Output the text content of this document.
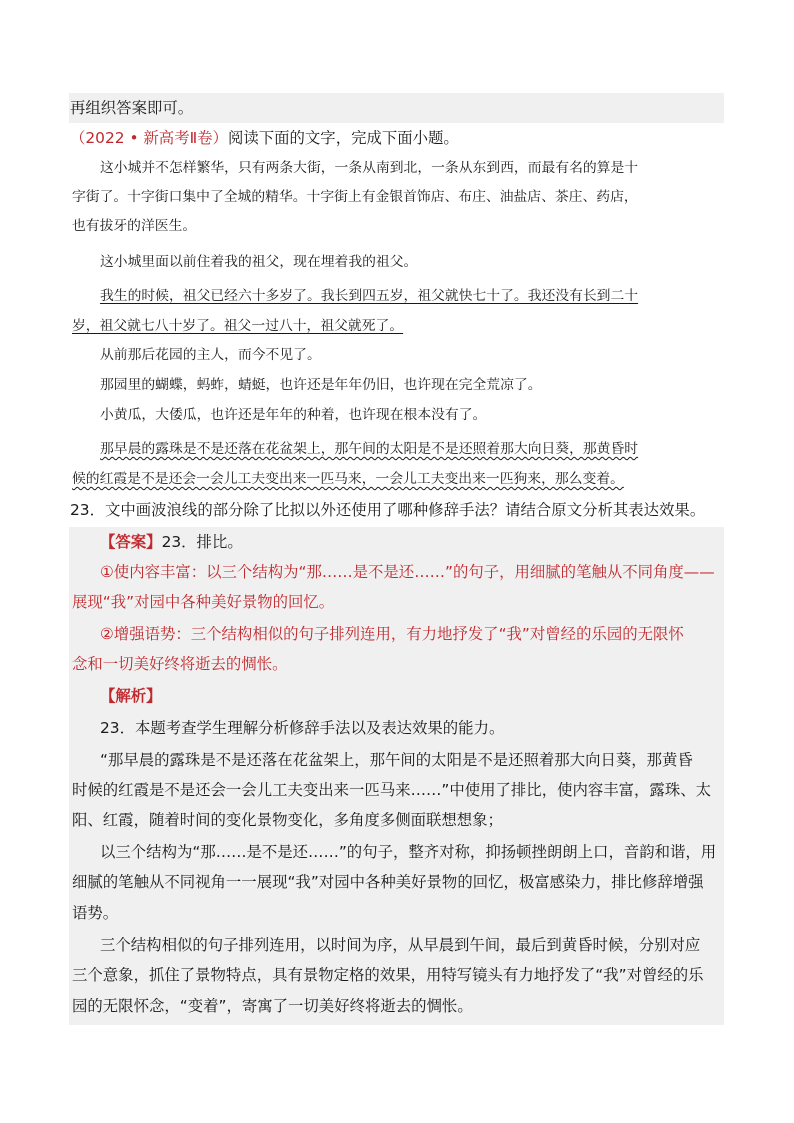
再组织答案即可。
（2022 • 新高考Ⅱ卷）阅读下面的文字，完成下面小题。
这小城并不怎样繁华，只有两条大街，一条从南到北，一条从东到西，而最有名的算是十
字街了。十字街口集中了全城的精华。十字街上有金银首饰店、布庄、油盐店、茶庄、药店，
也有拔牙的洋医生。
这小城里面以前住着我的祖父，现在埋着我的祖父。
我生的时候，祖父已经六十多岁了。我长到四五岁，祖父就快七十了。我还没有长到二十
岁，祖父就七八十岁了。祖父一过八十，祖父就死了。
从前那后花园的主人，而今不见了。
那园里的蝴蝶，蚂蚱，蜻蜓，也许还是年年仍旧，也许现在完全荒凉了。
小黄瓜，大倭瓜，也许还是年年的种着，也许现在根本没有了。
那早晨的露珠是不是还落在花盆架上，那午间的太阳是不是还照着那大向日葵，那黄昏时
候的红霞是不是还会一会儿工夫变出来一匹马来，一会儿工夫变出来一匹狗来，那么变着。
23．文中画波浪线的部分除了比拟以外还使用了哪种修辞手法？请结合原文分析其表达效果。
【答案】23．排比。
①使内容丰富：以三个结构为“那……是不是还……”的句子，用细腻的笔触从不同角度——
展现“我”对园中各种美好景物的回忆。
②增强语势：三个结构相似的句子排列连用，有力地抒发了“我”对曾经的乐园的无限怀
念和一切美好终将逝去的惆怅。
【解析】
23．本题考查学生理解分析修辞手法以及表达效果的能力。
“那早晨的露珠是不是还落在花盆架上，那午间的太阳是不是还照着那大向日葵，那黄昏
时候的红霞是不是还会一会儿工夫变出来一匹马来……”中使用了排比，使内容丰富，露珠、太
阳、红霞，随着时间的变化景物变化，多角度多侧面联想想象；
以三个结构为“那……是不是还……”的句子，整齐对称，抑扬顿挫朗朗上口，音韵和谐，用
细腻的笔触从不同视角一一展现“我”对园中各种美好景物的回忆，极富感染力，排比修辞增强
语势。
三个结构相似的句子排列连用，以时间为序，从早晨到午间，最后到黄昏时候，分别对应
三个意象，抓住了景物特点，具有景物定格的效果，用特写镜头有力地抒发了“我”对曾经的乐
园的无限怀念，“变着”，寄寓了一切美好终将逝去的惆怅。
